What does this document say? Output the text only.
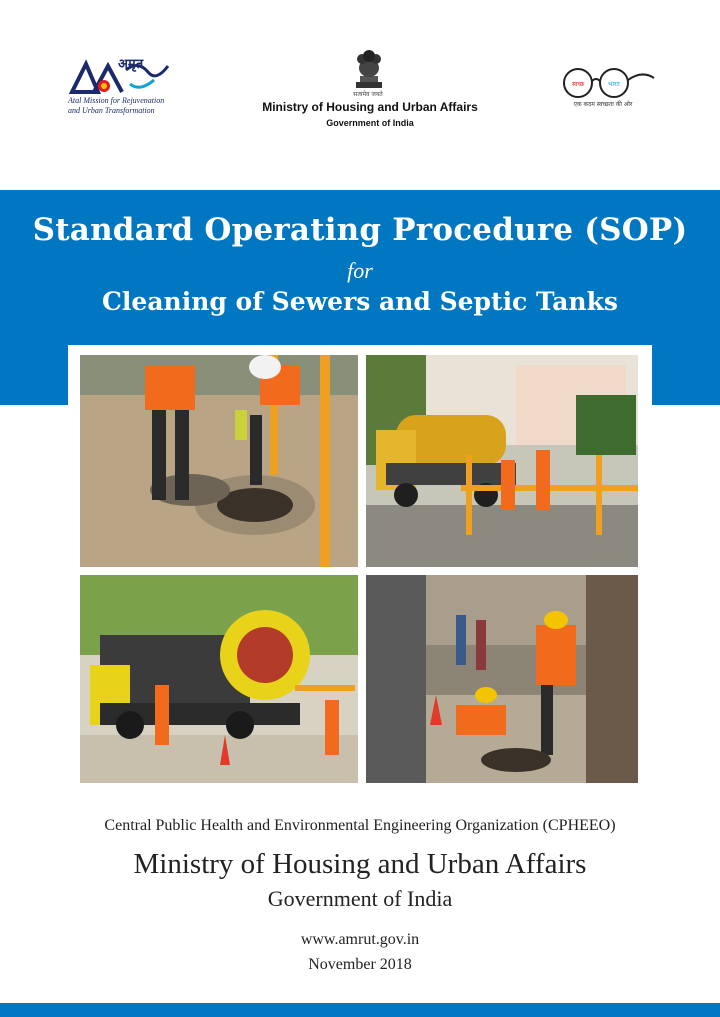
अमृत
Atal Mission for Rejuvenation
and Urban Transformation
सत्यमेव जयते
Ministry of Housing and Urban Affairs
Government of India
स्वच्छ	भारत
एक कदम स्वच्छता की ओर
Standard Operating Procedure (SOP)
for
Cleaning of Sewers and Septic Tanks
Central Public Health and Environmental Engineering Organization (CPHEEO)
Ministry of Housing and Urban Affairs
Government of India
www.amrut.gov.in
November 2018
